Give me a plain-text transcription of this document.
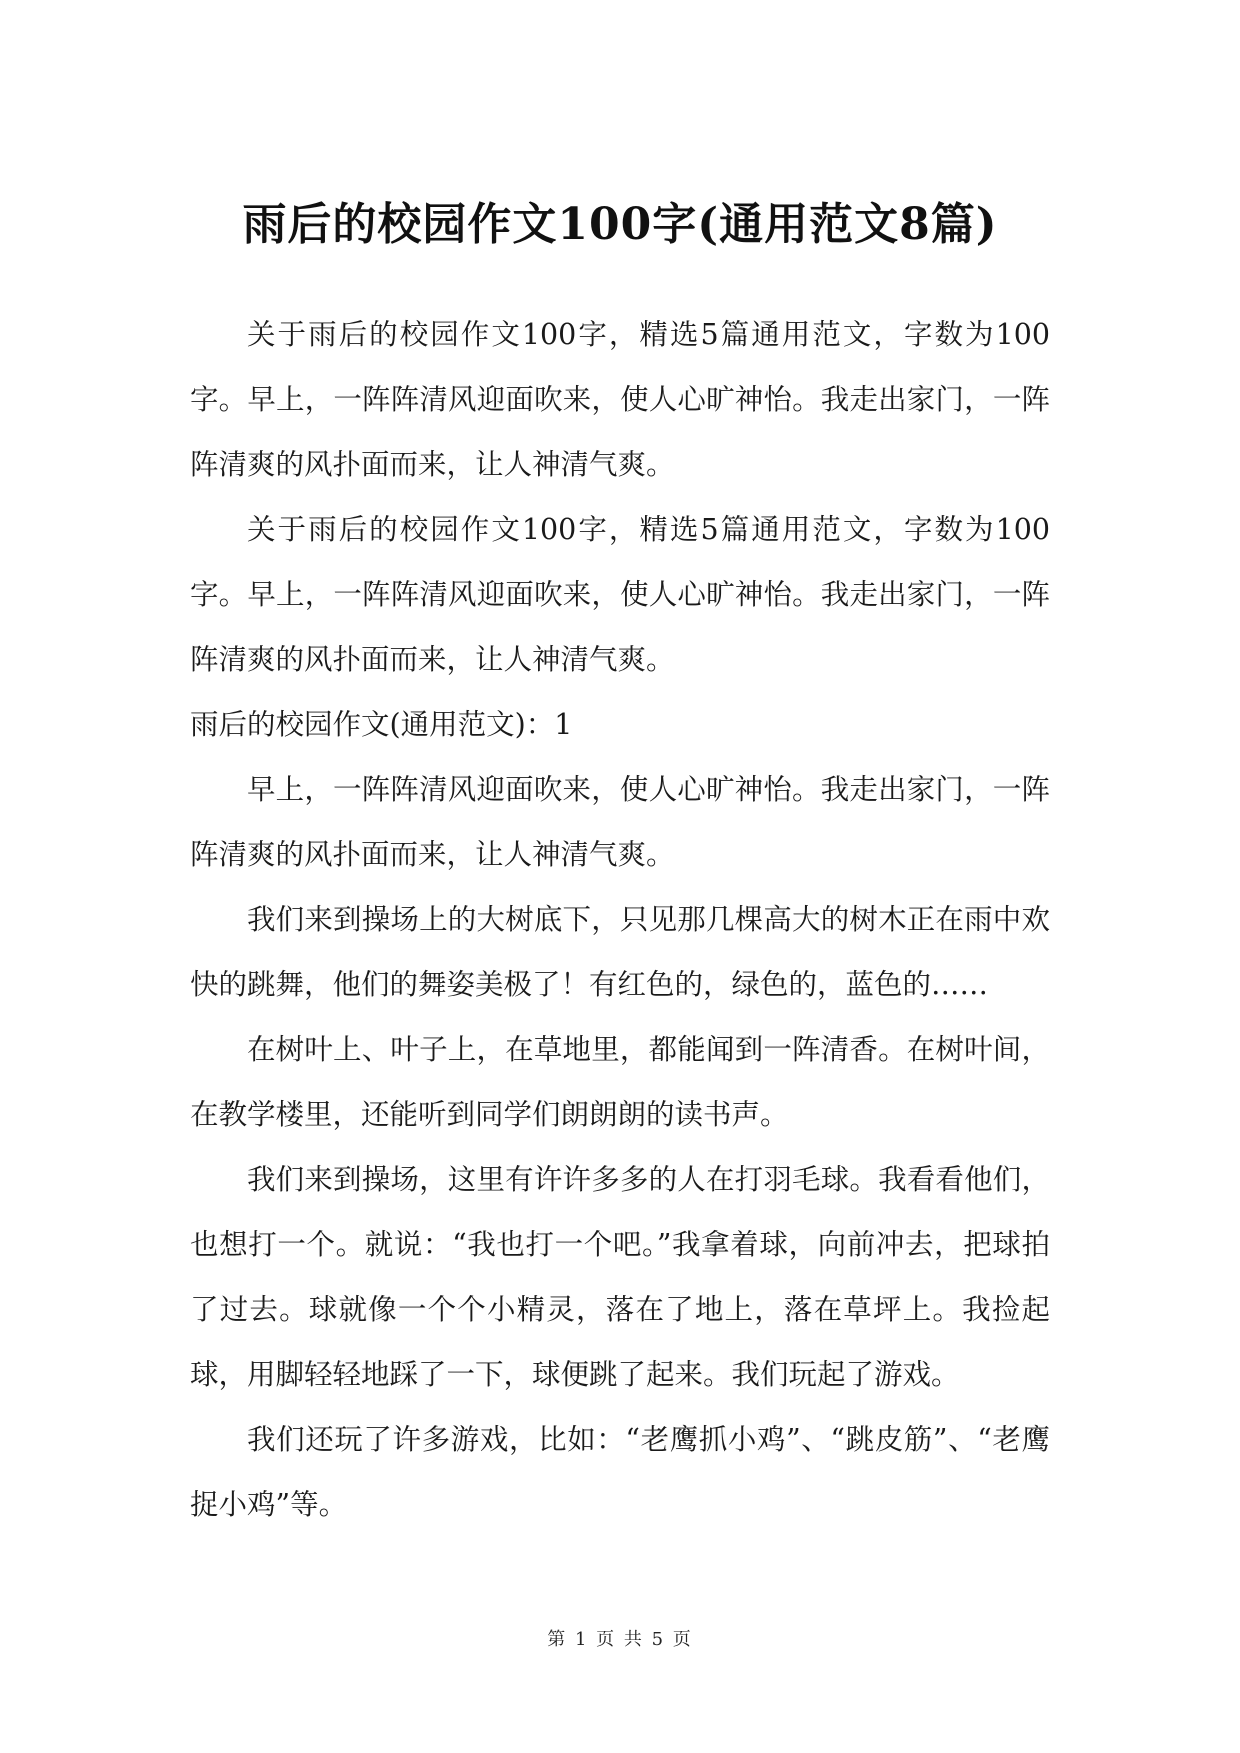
雨后的校园作文100字(通用范文8篇)

关于雨后的校园作文100字，精选5篇通用范文，字数为100字。早上，一阵阵清风迎面吹来，使人心旷神怡。我走出家门，一阵阵清爽的风扑面而来，让人神清气爽。

关于雨后的校园作文100字，精选5篇通用范文，字数为100字。早上，一阵阵清风迎面吹来，使人心旷神怡。我走出家门，一阵阵清爽的风扑面而来，让人神清气爽。

雨后的校园作文(通用范文)：1

早上，一阵阵清风迎面吹来，使人心旷神怡。我走出家门，一阵阵清爽的风扑面而来，让人神清气爽。

我们来到操场上的大树底下，只见那几棵高大的树木正在雨中欢快的跳舞，他们的舞姿美极了！有红色的，绿色的，蓝色的……

在树叶上、叶子上，在草地里，都能闻到一阵清香。在树叶间，在教学楼里，还能听到同学们朗朗朗的读书声。

我们来到操场，这里有许许多多的人在打羽毛球。我看看他们，也想打一个。就说：“我也打一个吧。”我拿着球，向前冲去，把球拍了过去。球就像一个个小精灵，落在了地上，落在草坪上。我捡起球，用脚轻轻地踩了一下，球便跳了起来。我们玩起了游戏。

我们还玩了许多游戏，比如：“老鹰抓小鸡”、“跳皮筋”、“老鹰捉小鸡”等。

第 1 页 共 5 页
